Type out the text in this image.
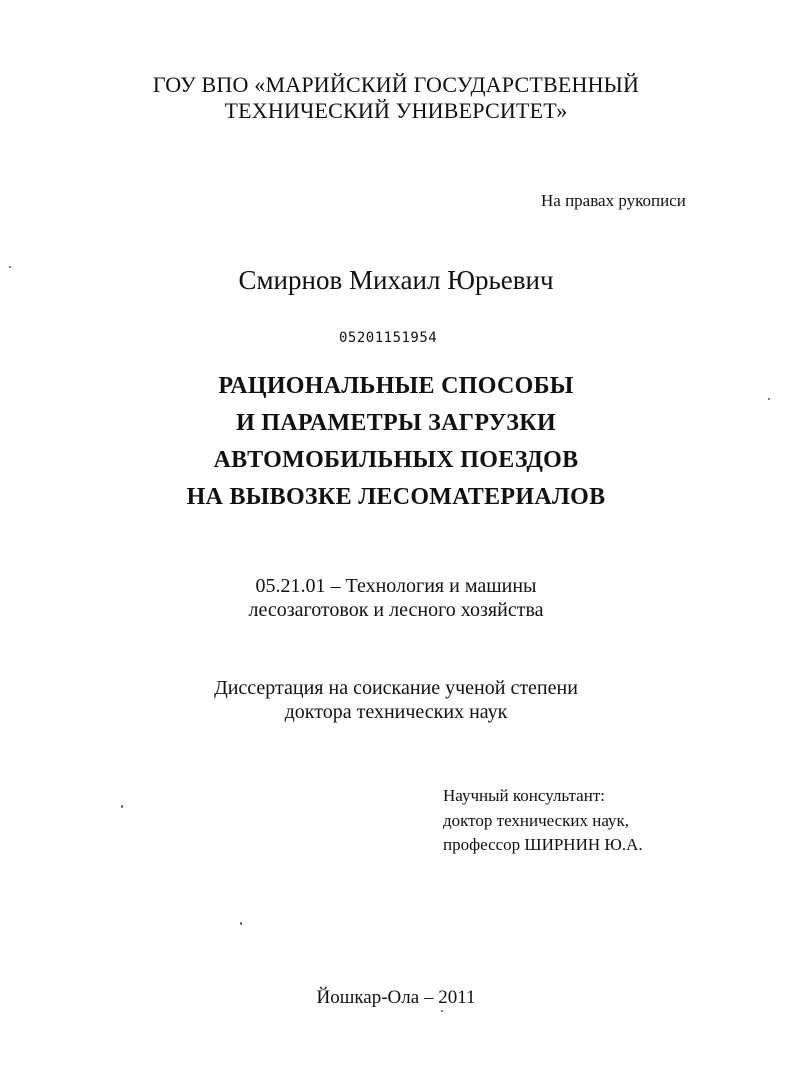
ГОУ ВПО «МАРИЙСКИЙ ГОСУДАРСТВЕННЫЙ
ТЕХНИЧЕСКИЙ УНИВЕРСИТЕТ»
На правах рукописи
Смирнов Михаил Юрьевич
05201151954
РАЦИОНАЛЬНЫЕ СПОСОБЫ
И ПАРАМЕТРЫ ЗАГРУЗКИ
АВТОМОБИЛЬНЫХ ПОЕЗДОВ
НА ВЫВОЗКЕ ЛЕСОМАТЕРИАЛОВ
05.21.01 – Технология и машины
лесозаготовок и лесного хозяйства
Диссертация на соискание ученой степени
доктора технических наук
Научный консультант:
доктор технических наук,
профессор ШИРНИН Ю.А.
Йошкар-Ола – 2011
